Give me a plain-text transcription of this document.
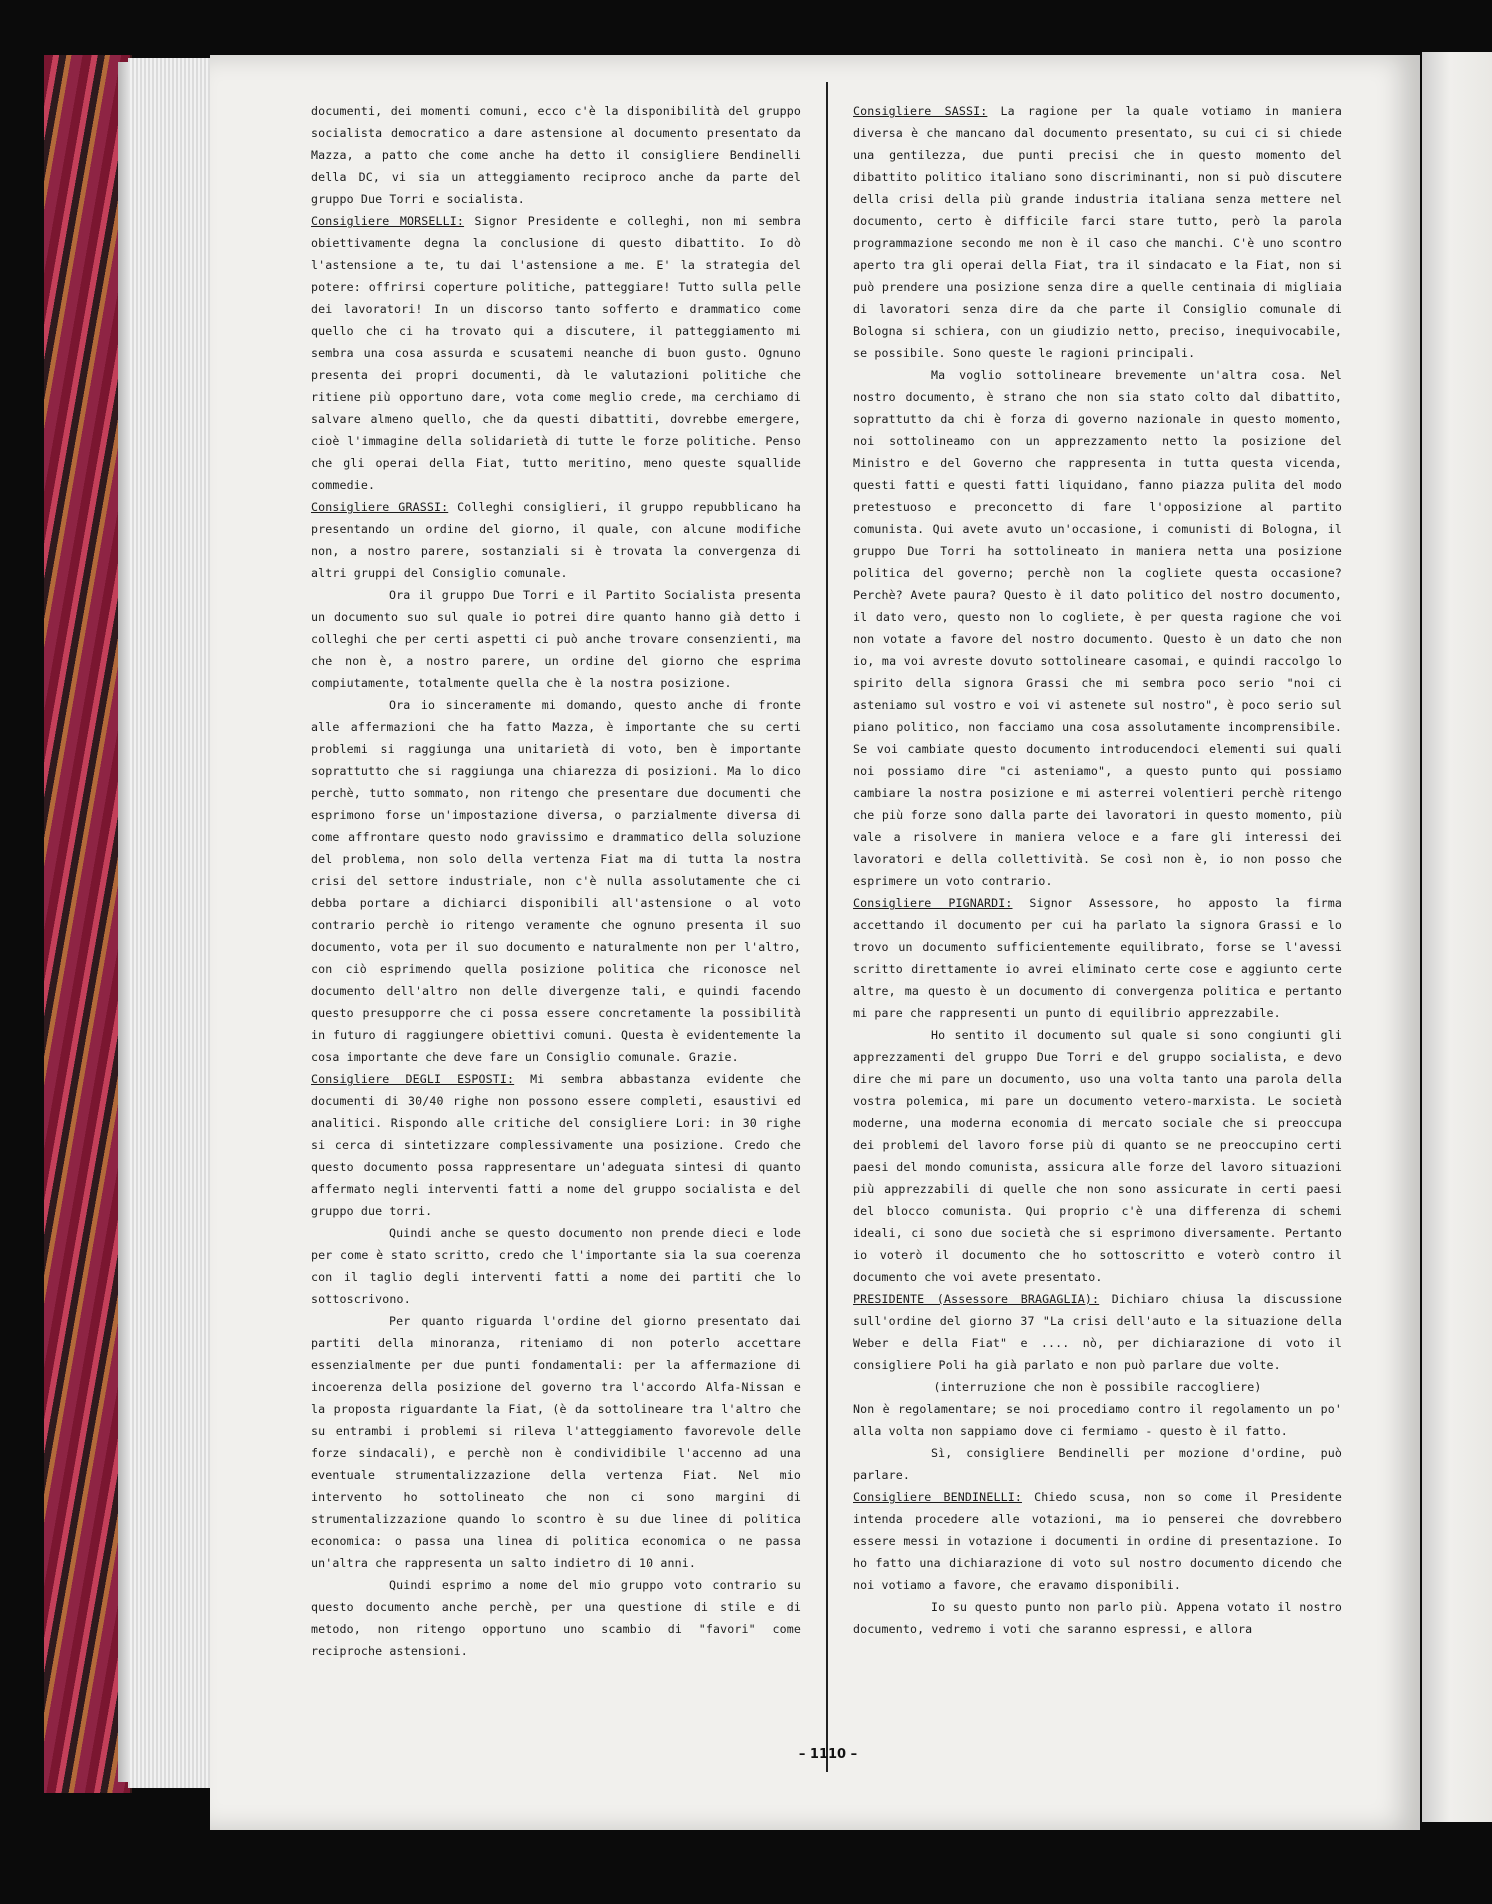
documenti, dei momenti comuni, ecco c'è la disponibilità del gruppo socialista democratico a dare astensione al documento presentato da Mazza, a patto che come anche ha detto il consigliere Bendinelli della DC, vi sia un atteggiamento reciproco anche da parte del gruppo Due Torri e socialista.

Consigliere MORSELLI: Signor Presidente e colleghi, non mi sembra obiettivamente degna la conclusione di questo dibattito. Io dò l'astensione a te, tu dai l'astensione a me. E' la strategia del potere: offrirsi coperture politiche, patteggiare! Tutto sulla pelle dei lavoratori! In un discorso tanto sofferto e drammatico come quello che ci ha trovato qui a discutere, il patteggiamento mi sembra una cosa assurda e scusatemi neanche di buon gusto. Ognuno presenta dei propri documenti, dà le valutazioni politiche che ritiene più opportuno dare, vota come meglio crede, ma cerchiamo di salvare almeno quello, che da questi dibattiti, dovrebbe emergere, cioè l'immagine della solidarietà di tutte le forze politiche. Penso che gli operai della Fiat, tutto meritino, meno queste squallide commedie.

Consigliere GRASSI: Colleghi consiglieri, il gruppo repubblicano ha presentando un ordine del giorno, il quale, con alcune modifiche non, a nostro parere, sostanziali si è trovata la convergenza di altri gruppi del Consiglio comunale.

Ora il gruppo Due Torri e il Partito Socialista presenta un documento suo sul quale io potrei dire quanto hanno già detto i colleghi che per certi aspetti ci può anche trovare consenzienti, ma che non è, a nostro parere, un ordine del giorno che esprima compiutamente, totalmente quella che è la nostra posizione.

Ora io sinceramente mi domando, questo anche di fronte alle affermazioni che ha fatto Mazza, è importante che su certi problemi si raggiunga una unitarietà di voto, ben è importante soprattutto che si raggiunga una chiarezza di posizioni. Ma lo dico perchè, tutto sommato, non ritengo che presentare due documenti che esprimono forse un'impostazione diversa, o parzialmente diversa di come affrontare questo nodo gravissimo e drammatico della soluzione del problema, non solo della vertenza Fiat ma di tutta la nostra crisi del settore industriale, non c'è nulla assolutamente che ci debba portare a dichiarci disponibili all'astensione o al voto contrario perchè io ritengo veramente che ognuno presenta il suo documento, vota per il suo documento e naturalmente non per l'altro, con ciò esprimendo quella posizione politica che riconosce nel documento dell'altro non delle divergenze tali, e quindi facendo questo presupporre che ci possa essere concretamente la possibilità in futuro di raggiungere obiettivi comuni. Questa è evidentemente la cosa importante che deve fare un Consiglio comunale. Grazie.

Consigliere DEGLI ESPOSTI: Mi sembra abbastanza evidente che documenti di 30/40 righe non possono essere completi, esaustivi ed analitici. Rispondo alle critiche del consigliere Lori: in 30 righe si cerca di sintetizzare complessivamente una posizione. Credo che questo documento possa rappresentare un'adeguata sintesi di quanto affermato negli interventi fatti a nome del gruppo socialista e del gruppo due torri.

Quindi anche se questo documento non prende dieci e lode per come è stato scritto, credo che l'importante sia la sua coerenza con il taglio degli interventi fatti a nome dei partiti che lo sottoscrivono.

Per quanto riguarda l'ordine del giorno presentato dai partiti della minoranza, riteniamo di non poterlo accettare essenzialmente per due punti fondamentali: per la affermazione di incoerenza della posizione del governo tra l'accordo Alfa-Nissan e la proposta riguardante la Fiat, (è da sottolineare tra l'altro che su entrambi i problemi si rileva l'atteggiamento favorevole delle forze sindacali), e perchè non è condividibile l'accenno ad una eventuale strumentalizzazione della vertenza Fiat. Nel mio intervento ho sottolineato che non ci sono margini di strumentalizzazione quando lo scontro è su due linee di politica economica: o passa una linea di politica economica o ne passa un'altra che rappresenta un salto indietro di 10 anni.

Quindi esprimo a nome del mio gruppo voto contrario su questo documento anche perchè, per una questione di stile e di metodo, non ritengo opportuno uno scambio di "favori" come reciproche astensioni.

Consigliere SASSI: La ragione per la quale votiamo in maniera diversa è che mancano dal documento presentato, su cui ci si chiede una gentilezza, due punti precisi che in questo momento del dibattito politico italiano sono discriminanti, non si può discutere della crisi della più grande industria italiana senza mettere nel documento, certo è difficile farci stare tutto, però la parola programmazione secondo me non è il caso che manchi. C'è uno scontro aperto tra gli operai della Fiat, tra il sindacato e la Fiat, non si può prendere una posizione senza dire a quelle centinaia di migliaia di lavoratori senza dire da che parte il Consiglio comunale di Bologna si schiera, con un giudizio netto, preciso, inequivocabile, se possibile. Sono queste le ragioni principali.

Ma voglio sottolineare brevemente un'altra cosa. Nel nostro documento, è strano che non sia stato colto dal dibattito, soprattutto da chi è forza di governo nazionale in questo momento, noi sottolineamo con un apprezzamento netto la posizione del Ministro e del Governo che rappresenta in tutta questa vicenda, questi fatti e questi fatti liquidano, fanno piazza pulita del modo pretestuoso e preconcetto di fare l'opposizione al partito comunista. Qui avete avuto un'occasione, i comunisti di Bologna, il gruppo Due Torri ha sottolineato in maniera netta una posizione politica del governo; perchè non la cogliete questa occasione? Perchè? Avete paura? Questo è il dato politico del nostro documento, il dato vero, questo non lo cogliete, è per questa ragione che voi non votate a favore del nostro documento. Questo è un dato che non io, ma voi avreste dovuto sottolineare casomai, e quindi raccolgo lo spirito della signora Grassi che mi sembra poco serio "noi ci asteniamo sul vostro e voi vi astenete sul nostro", è poco serio sul piano politico, non facciamo una cosa assolutamente incomprensibile. Se voi cambiate questo documento introducendoci elementi sui quali noi possiamo dire "ci asteniamo", a questo punto qui possiamo cambiare la nostra posizione e mi asterrei volentieri perchè ritengo che più forze sono dalla parte dei lavoratori in questo momento, più vale a risolvere in maniera veloce e a fare gli interessi dei lavoratori e della collettività. Se così non è, io non posso che esprimere un voto contrario.

Consigliere PIGNARDI: Signor Assessore, ho apposto la firma accettando il documento per cui ha parlato la signora Grassi e lo trovo un documento sufficientemente equilibrato, forse se l'avessi scritto direttamente io avrei eliminato certe cose e aggiunto certe altre, ma questo è un documento di convergenza politica e pertanto mi pare che rappresenti un punto di equilibrio apprezzabile.

Ho sentito il documento sul quale si sono congiunti gli apprezzamenti del gruppo Due Torri e del gruppo socialista, e devo dire che mi pare un documento, uso una volta tanto una parola della vostra polemica, mi pare un documento vetero-marxista. Le società moderne, una moderna economia di mercato sociale che si preoccupa dei problemi del lavoro forse più di quanto se ne preoccupino certi paesi del mondo comunista, assicura alle forze del lavoro situazioni più apprezzabili di quelle che non sono assicurate in certi paesi del blocco comunista. Qui proprio c'è una differenza di schemi ideali, ci sono due società che si esprimono diversamente. Pertanto io voterò il documento che ho sottoscritto e voterò contro il documento che voi avete presentato.

PRESIDENTE (Assessore BRAGAGLIA): Dichiaro chiusa la discussione sull'ordine del giorno 37 "La crisi dell'auto e la situazione della Weber e della Fiat" e .... nò, per dichiarazione di voto il consigliere Poli ha già parlato e non può parlare due volte.

(interruzione che non è possibile raccogliere)

Non è regolamentare; se noi procediamo contro il regolamento un po' alla volta non sappiamo dove ci fermiamo - questo è il fatto.

Sì, consigliere Bendinelli per mozione d'ordine, può parlare.

Consigliere BENDINELLI: Chiedo scusa, non so come il Presidente intenda procedere alle votazioni, ma io penserei che dovrebbero essere messi in votazione i documenti in ordine di presentazione. Io ho fatto una dichiarazione di voto sul nostro documento dicendo che noi votiamo a favore, che eravamo disponibili.

Io su questo punto non parlo più. Appena votato il nostro documento, vedremo i voti che saranno espressi, e allora

– 1110 –
